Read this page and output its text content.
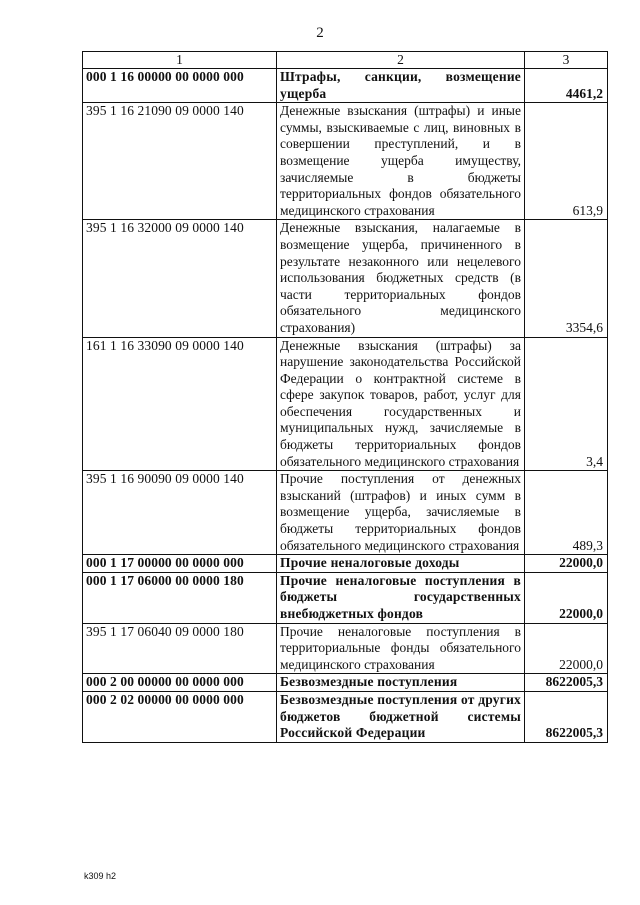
2
1	2	3
000 1 16 00000 00 0000 000	Штрафы, санкции, возмещение ущерба	4461,2
395 1 16 21090 09 0000 140	Денежные взыскания (штрафы) и иные суммы, взыскиваемые с лиц, виновных в совершении преступлений, и в возмещение ущерба имуществу, зачисляемые в бюджеты территориальных фондов обязательного медицинского страхования	613,9
395 1 16 32000 09 0000 140	Денежные взыскания, налагаемые в возмещение ущерба, причиненного в результате незаконного или нецелевого использования бюджетных средств (в части территориальных фондов обязательного медицинского страхования)	3354,6
161 1 16 33090 09 0000 140	Денежные взыскания (штрафы) за нарушение законодательства Российской Федерации о контрактной системе в сфере закупок товаров, работ, услуг для обеспечения государственных и муниципальных нужд, зачисляемые в бюджеты территориальных фондов обязательного медицинского страхования	3,4
395 1 16 90090 09 0000 140	Прочие поступления от денежных взысканий (штрафов) и иных сумм в возмещение ущерба, зачисляемые в бюджеты территориальных фондов обязательного медицинского страхования	489,3
000 1 17 00000 00 0000 000	Прочие неналоговые доходы	22000,0
000 1 17 06000 00 0000 180	Прочие неналоговые поступления в бюджеты государственных внебюджетных фондов	22000,0
395 1 17 06040 09 0000 180	Прочие неналоговые поступления в территориальные фонды обязательного медицинского страхования	22000,0
000 2 00 00000 00 0000 000	Безвозмездные поступления	8622005,3
000 2 02 00000 00 0000 000	Безвозмездные поступления от других бюджетов бюджетной системы Российской Федерации	8622005,3
k309 h2
